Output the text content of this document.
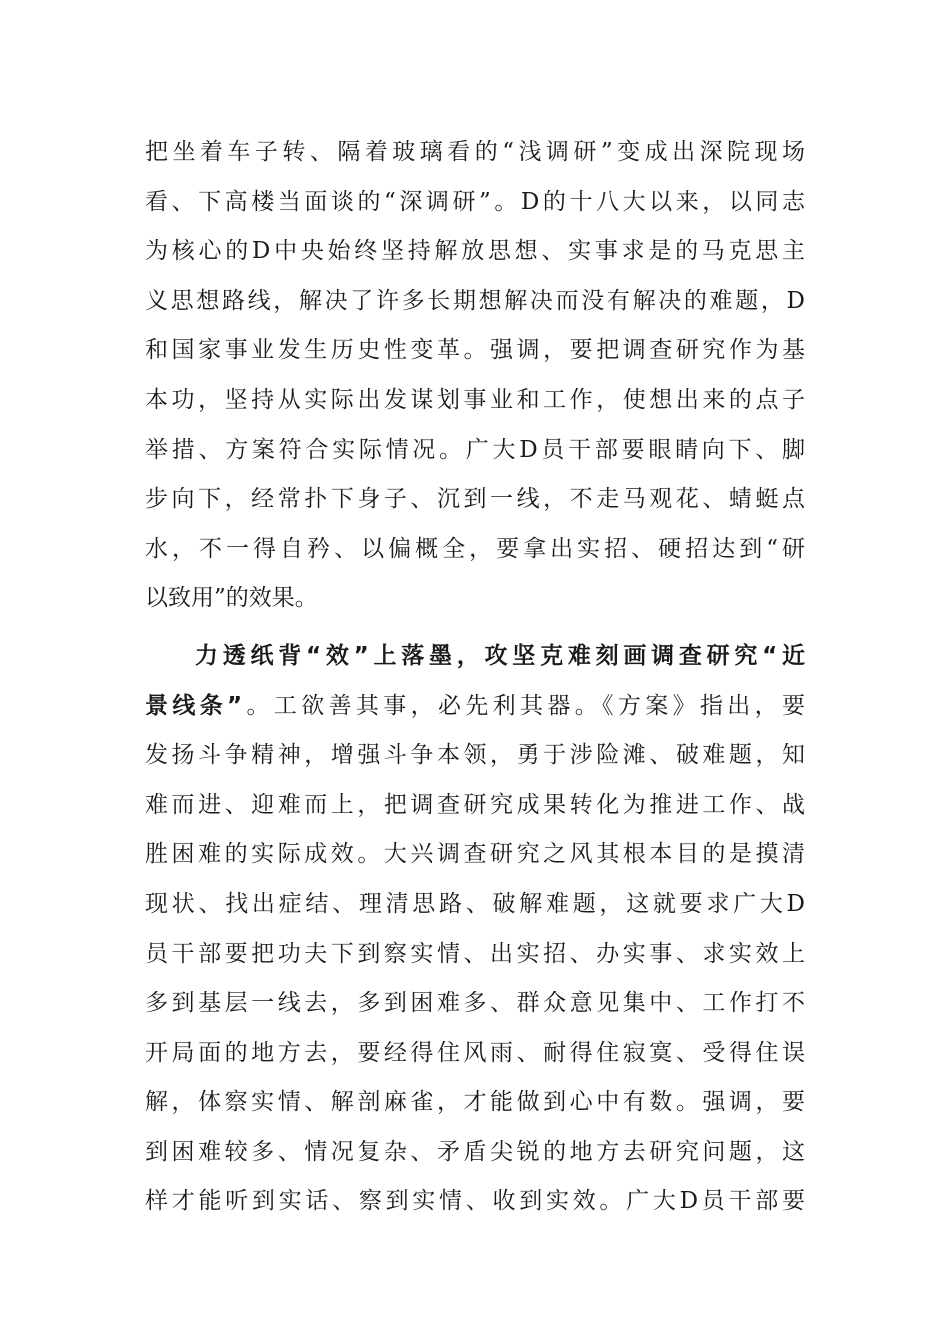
把坐着车子转、隔着玻璃看的“浅调研”变成出深院现场
看、下高楼当面谈的“深调研”。D的十八大以来，以同志
为核心的D中央始终坚持解放思想、实事求是的马克思主
义思想路线，解决了许多长期想解决而没有解决的难题，D
和国家事业发生历史性变革。强调，要把调查研究作为基
本功，坚持从实际出发谋划事业和工作，使想出来的点子
举措、方案符合实际情况。广大D员干部要眼睛向下、脚
步向下，经常扑下身子、沉到一线，不走马观花、蜻蜓点
水，不一得自矜、以偏概全，要拿出实招、硬招达到“研
以致用”的效果。
力透纸背“效”上落墨，攻坚克难刻画调查研究“近
景线条”。工欲善其事，必先利其器。《方案》指出，要
发扬斗争精神，增强斗争本领，勇于涉险滩、破难题，知
难而进、迎难而上，把调查研究成果转化为推进工作、战
胜困难的实际成效。大兴调查研究之风其根本目的是摸清
现状、找出症结、理清思路、破解难题，这就要求广大D
员干部要把功夫下到察实情、出实招、办实事、求实效上
多到基层一线去，多到困难多、群众意见集中、工作打不
开局面的地方去，要经得住风雨、耐得住寂寞、受得住误
解，体察实情、解剖麻雀，才能做到心中有数。强调，要
到困难较多、情况复杂、矛盾尖锐的地方去研究问题，这
样才能听到实话、察到实情、收到实效。广大D员干部要
